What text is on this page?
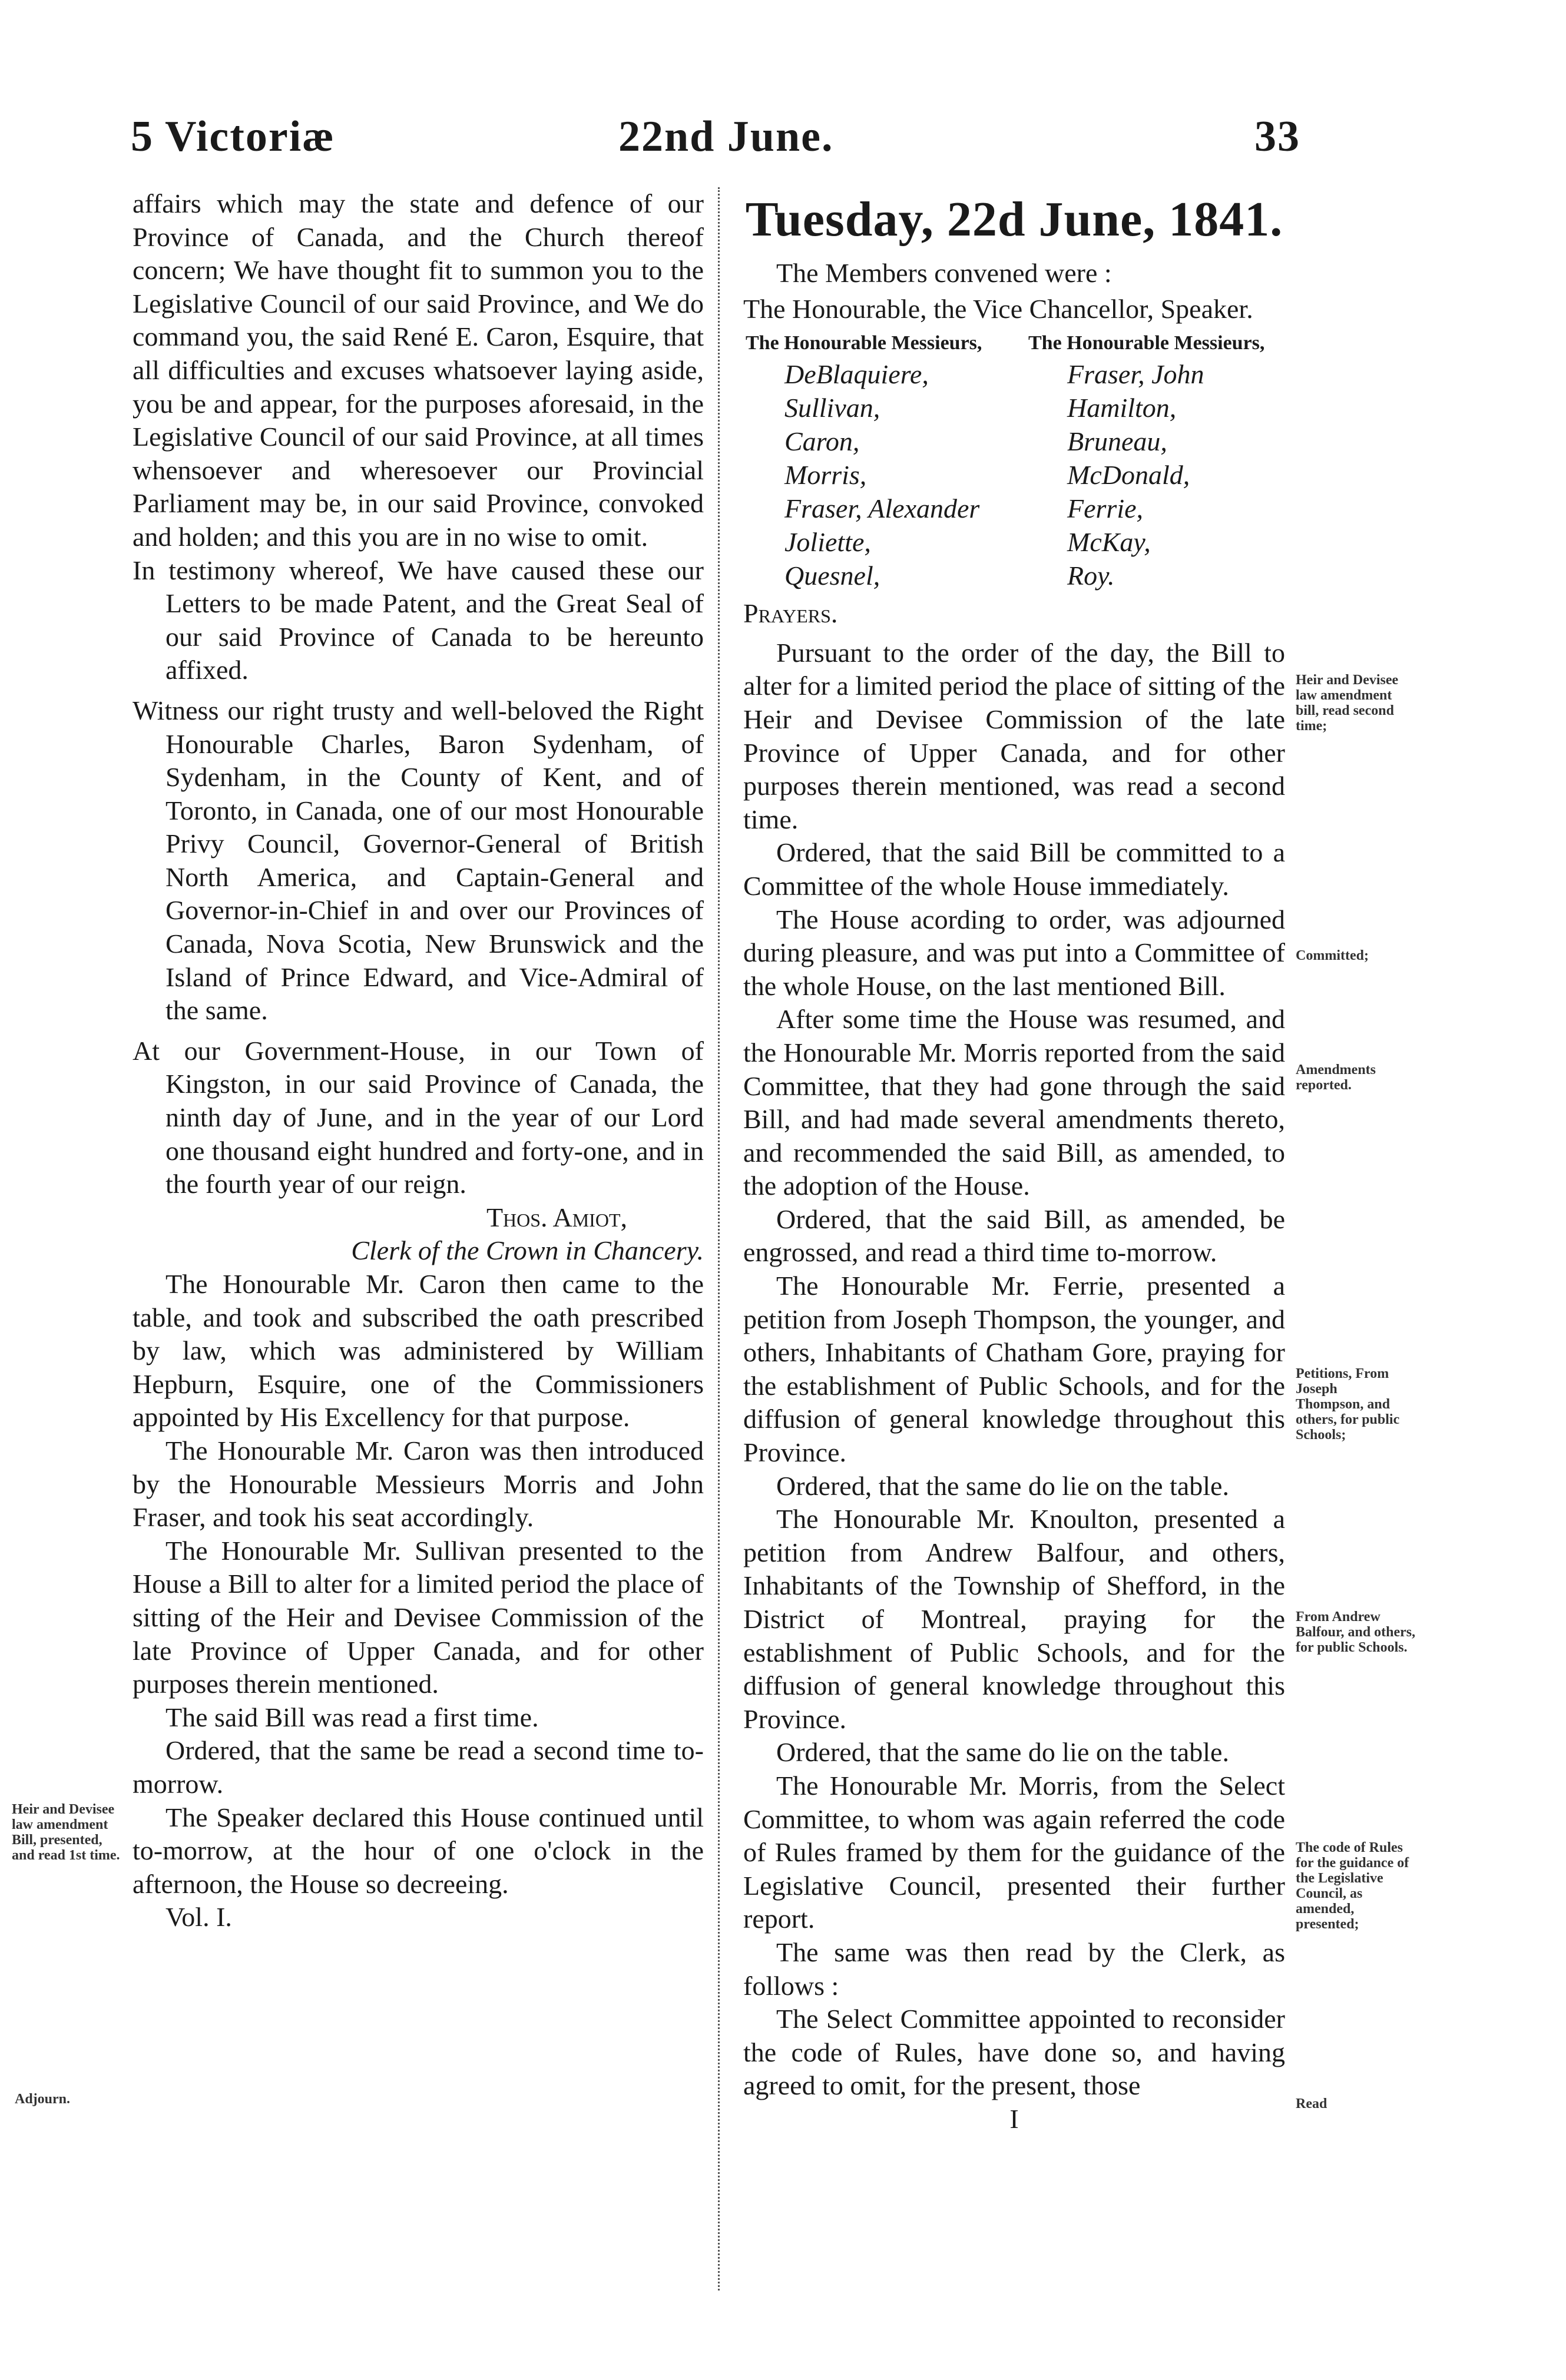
5 Victoriæ	22nd June.	33

affairs which may the state and defence of our Province of Canada, and the Church thereof concern; We have thought fit to summon you to the Legislative Council of our said Province, and We do command you, the said René E. Caron, Esquire, that all difficulties and excuses whatsoever laying aside, you be and appear, for the purposes aforesaid, in the Legislative Council of our said Province, at all times whensoever and wheresoever our Provincial Parliament may be, in our said Province, convoked and holden; and this you are in no wise to omit.

In testimony whereof, We have caused these our Letters to be made Patent, and the Great Seal of our said Province of Canada to be hereunto affixed.

Witness our right trusty and well-beloved the Right Honourable Charles, Baron Sydenham, of Sydenham, in the County of Kent, and of Toronto, in Canada, one of our most Honourable Privy Council, Governor-General of British North America, and Captain-General and Governor-in-Chief in and over our Provinces of Canada, Nova Scotia, New Brunswick and the Island of Prince Edward, and Vice-Admiral of the same.

At our Government-House, in our Town of Kingston, in our said Province of Canada, the ninth day of June, and in the year of our Lord one thousand eight hundred and forty-one, and in the fourth year of our reign.

Thos. Amiot,

Clerk of the Crown in Chancery.

The Honourable Mr. Caron then came to the table, and took and subscribed the oath prescribed by law, which was administered by William Hepburn, Esquire, one of the Commissioners appointed by His Excellency for that purpose.

The Honourable Mr. Caron was then introduced by the Honourable Messieurs Morris and John Fraser, and took his seat accordingly.

The Honourable Mr. Sullivan presented to the House a Bill to alter for a limited period the place of sitting of the Heir and Devisee Commission of the late Province of Upper Canada, and for other purposes therein mentioned.

The said Bill was read a first time.

Ordered, that the same be read a second time to-morrow.

The Speaker declared this House continued until to-morrow, at the hour of one o'clock in the afternoon, the House so decreeing.

Vol. I.

Tuesday, 22d June, 1841.

The Members convened were :

The Honourable, the Vice Chancellor, Speaker.

The Honourable Messieurs,
DeBlaquiere,
Sullivan,
Caron,
Morris,
Fraser, Alexander
Joliette,
Quesnel,
The Honourable Messieurs,
Fraser, John
Hamilton,
Bruneau,
McDonald,
Ferrie,
McKay,
Roy.

Prayers.

Pursuant to the order of the day, the Bill to alter for a limited period the place of sitting of the Heir and Devisee Commission of the late Province of Upper Canada, and for other purposes therein mentioned, was read a second time.

Ordered, that the said Bill be committed to a Committee of the whole House immediately.

The House acording to order, was adjourned during pleasure, and was put into a Committee of the whole House, on the last mentioned Bill.

After some time the House was resumed, and the Honourable Mr. Morris reported from the said Committee, that they had gone through the said Bill, and had made several amendments thereto, and recommended the said Bill, as amended, to the adoption of the House.

Ordered, that the said Bill, as amended, be engrossed, and read a third time to-morrow.

The Honourable Mr. Ferrie, presented a petition from Joseph Thompson, the younger, and others, Inhabitants of Chatham Gore, praying for the establishment of Public Schools, and for the diffusion of general knowledge throughout this Province.

Ordered, that the same do lie on the table.

The Honourable Mr. Knoulton, presented a petition from Andrew Balfour, and others, Inhabitants of the Township of Shefford, in the District of Montreal, praying for the establishment of Public Schools, and for the diffusion of general knowledge throughout this Province.

Ordered, that the same do lie on the table.

The Honourable Mr. Morris, from the Select Committee, to whom was again referred the code of Rules framed by them for the guidance of the Legislative Council, presented their further report.

The same was then read by the Clerk, as follows :

The Select Committee appointed to reconsider the code of Rules, have done so, and having agreed to omit, for the present, those

I

Heir and Devisee law amendment Bill, presented, and read 1st time.
Adjourn.
Heir and Devisee law amendment bill, read second time;
Committed;
Amendments reported.
Petitions, From Joseph Thompson, and others, for public Schools;
From Andrew Balfour, and others, for public Schools.
The code of Rules for the guidance of the Legislative Council, as amended, presented;
Read
